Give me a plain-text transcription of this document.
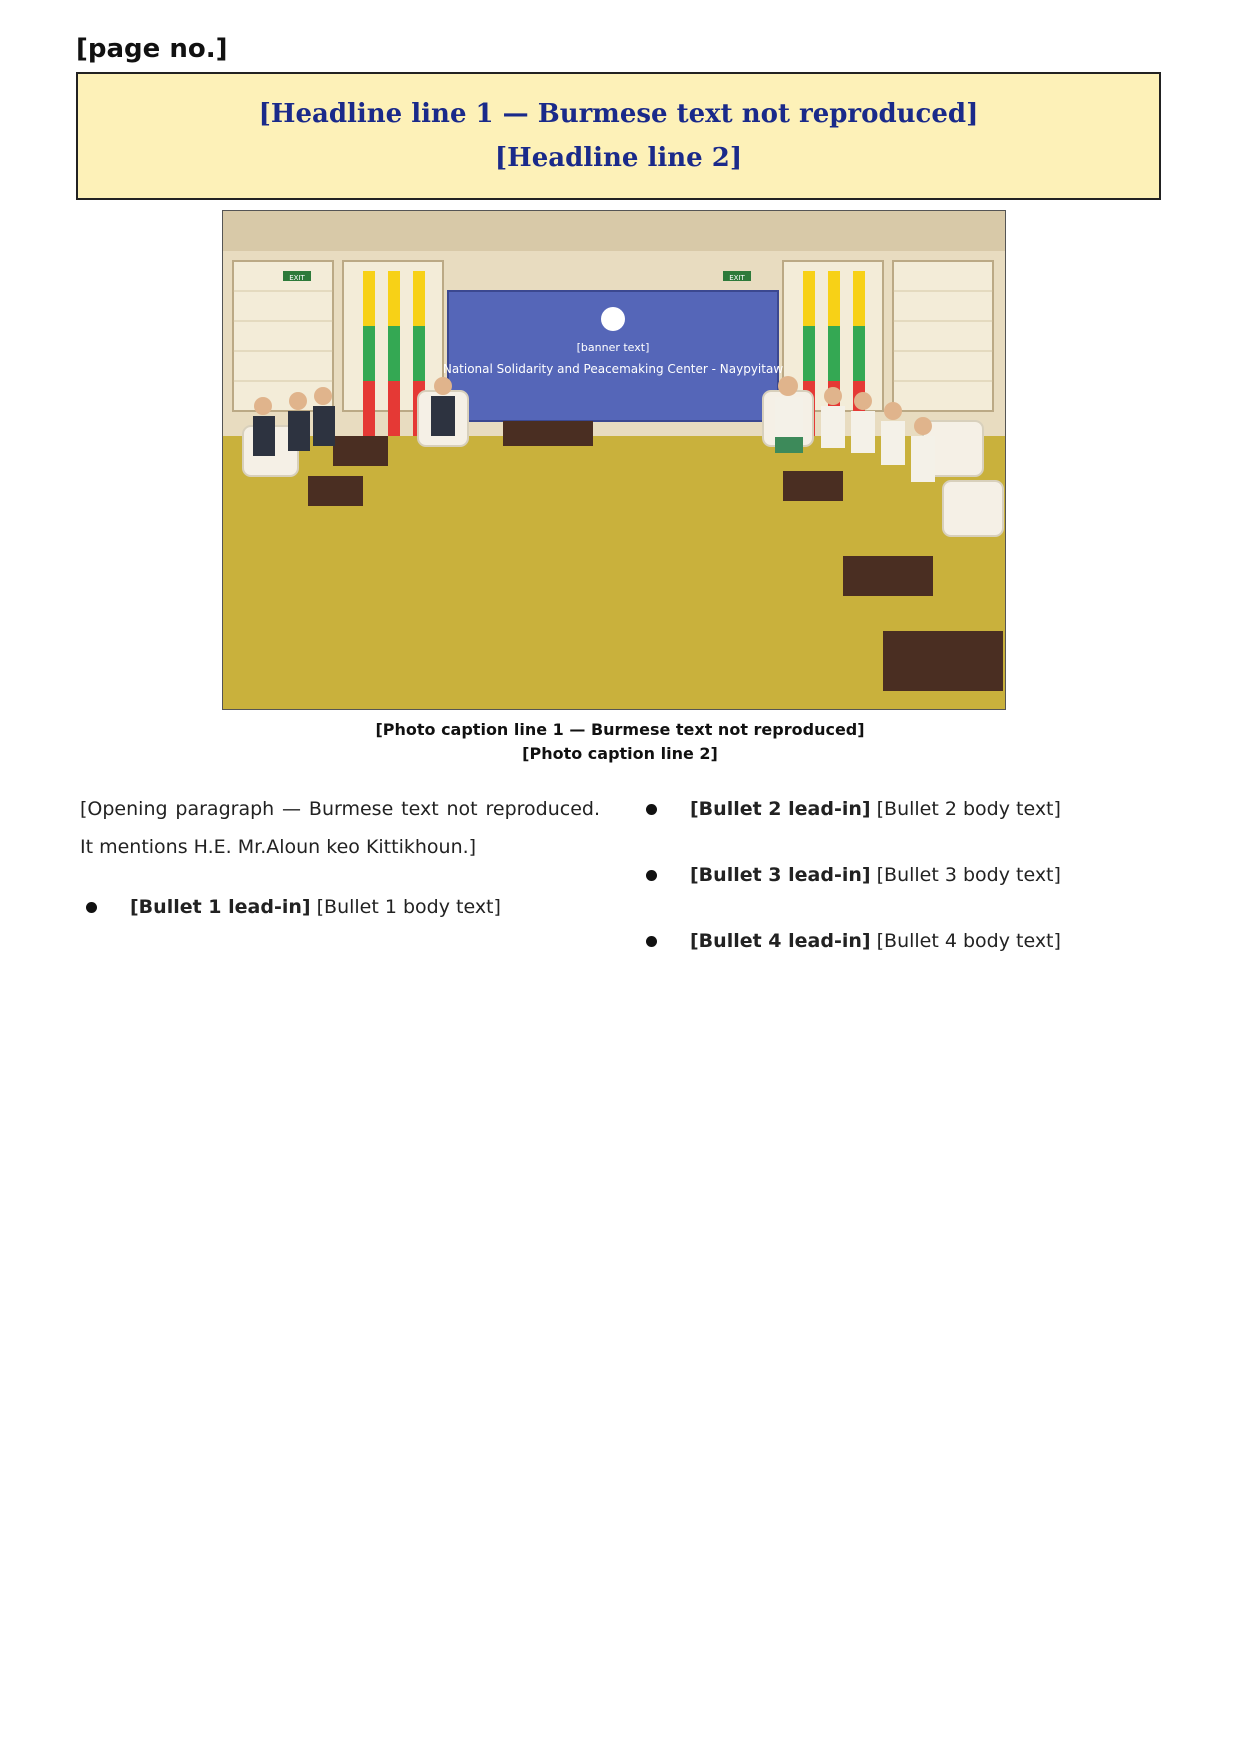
[page no.]
[Headline line 1 — Burmese text not reproduced]
[Headline line 2]
EXIT	EXIT
[banner text]
National Solidarity and Peacemaking Center - Naypyitaw
[Photo caption line 1 — Burmese text not reproduced]
[Photo caption line 2]

[Opening paragraph — Burmese text not reproduced. It mentions H.E. Mr.Aloun keo Kittikhoun.]

[Bullet 1 lead-in] [Bullet 1 body text]
[Bullet 2 lead-in] [Bullet 2 body text]
[Bullet 3 lead-in] [Bullet 3 body text]
[Bullet 4 lead-in] [Bullet 4 body text]
